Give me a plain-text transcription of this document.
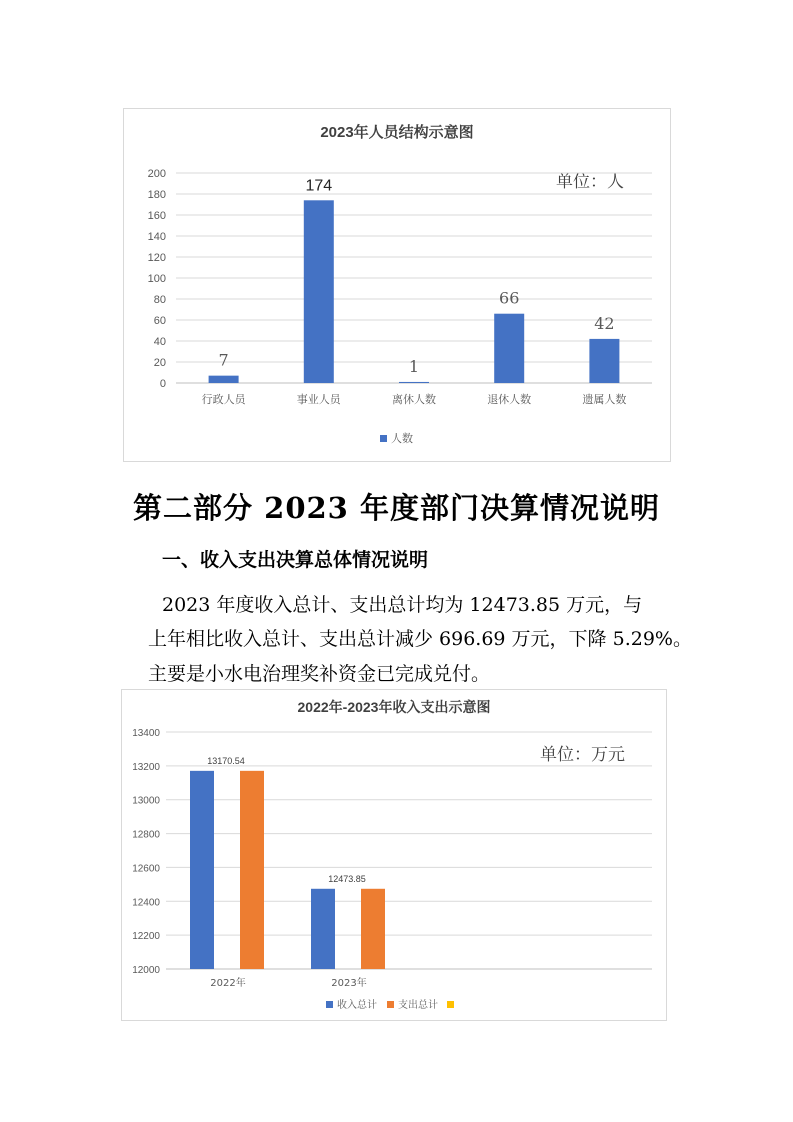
2023年人员结构示意图
单位：人
0
20
40
60
80
100
120
140
160
180
200
7
行政人员
174
事业人员
1
离休人数
66
退休人数
42
遗属人数
人数
第二部分 2023 年度部门决算情况说明
一、收入支出决算总体情况说明
2023 年度收入总计、支出总计均为 12473.85 万元，与
上年相比收入总计、支出总计减少 696.69 万元，下降 5.29%。
主要是小水电治理奖补资金已完成兑付。
2022年-2023年收入支出示意图
单位：万元
12000
12200
12400
12600
12800
13000
13200
13400
13170.54
2022年
12473.85
2023年
收入总计 支出总计
